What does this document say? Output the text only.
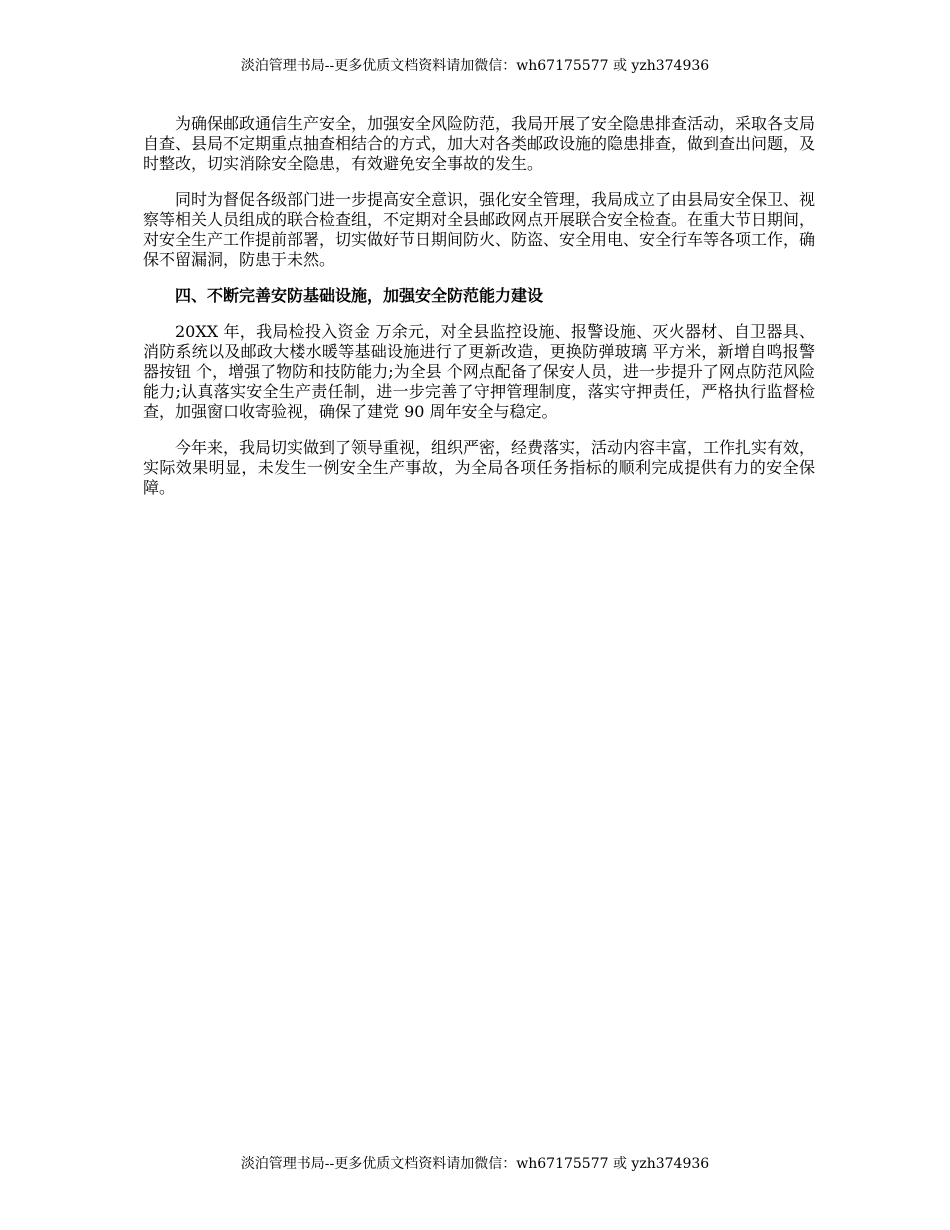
淡泊管理书局--更多优质文档资料请加微信：wh67175577 或 yzh374936

为确保邮政通信生产安全，加强安全风险防范，我局开展了安全隐患排查活动，采取各支局自查、县局不定期重点抽查相结合的方式，加大对各类邮政设施的隐患排查，做到查出问题，及时整改，切实消除安全隐患，有效避免安全事故的发生。

同时为督促各级部门进一步提高安全意识，强化安全管理，我局成立了由县局安全保卫、视察等相关人员组成的联合检查组，不定期对全县邮政网点开展联合安全检查。在重大节日期间，对安全生产工作提前部署，切实做好节日期间防火、防盗、安全用电、安全行车等各项工作，确保不留漏洞，防患于未然。

四、不断完善安防基础设施，加强安全防范能力建设

20XX 年，我局检投入资金 万余元，对全县监控设施、报警设施、灭火器材、自卫器具、消防系统以及邮政大楼水暖等基础设施进行了更新改造，更换防弹玻璃 平方米，新增自鸣报警器按钮 个，增强了物防和技防能力;为全县 个网点配备了保安人员，进一步提升了网点防范风险能力;认真落实安全生产责任制，进一步完善了守押管理制度，落实守押责任，严格执行监督检查，加强窗口收寄验视，确保了建党 90 周年安全与稳定。

今年来，我局切实做到了领导重视，组织严密，经费落实，活动内容丰富，工作扎实有效，实际效果明显，未发生一例安全生产事故，为全局各项任务指标的顺利完成提供有力的安全保障。

淡泊管理书局--更多优质文档资料请加微信：wh67175577 或 yzh374936
